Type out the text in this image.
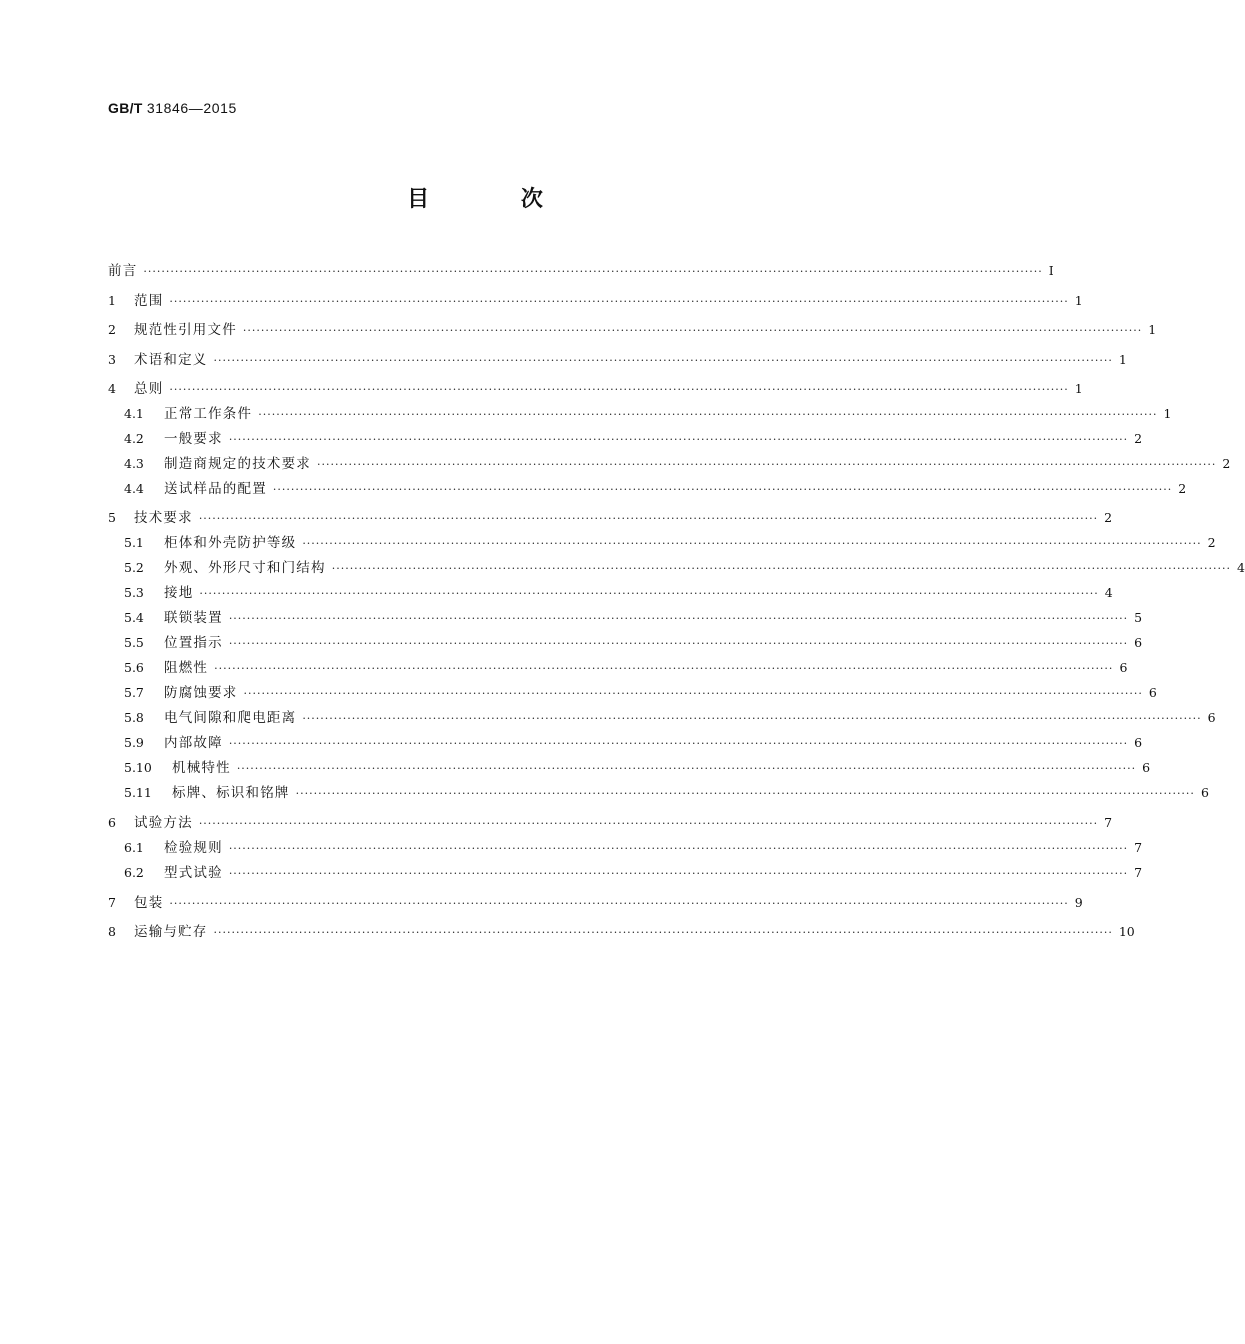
GB/T 31846—2015
目 次
前言 ········································································································································································································ Ⅰ
1	范围 ········································································································································································································ 1
2	规范性引用文件 ········································································································································································································ 1
3	术语和定义 ········································································································································································································ 1
4	总则 ········································································································································································································ 1
4.1	正常工作条件 ········································································································································································································ 1
4.2	一般要求 ········································································································································································································ 2
4.3	制造商规定的技术要求 ········································································································································································································ 2
4.4	送试样品的配置 ········································································································································································································ 2
5	技术要求 ········································································································································································································ 2
5.1	柜体和外壳防护等级 ········································································································································································································ 2
5.2	外观、外形尺寸和门结构 ········································································································································································································ 4
5.3	接地 ········································································································································································································ 4
5.4	联锁装置 ········································································································································································································ 5
5.5	位置指示 ········································································································································································································ 6
5.6	阻燃性 ········································································································································································································ 6
5.7	防腐蚀要求 ········································································································································································································ 6
5.8	电气间隙和爬电距离 ········································································································································································································ 6
5.9	内部故障 ········································································································································································································ 6
5.10	机械特性 ········································································································································································································ 6
5.11	标牌、标识和铭牌 ········································································································································································································ 6
6	试验方法 ········································································································································································································ 7
6.1	检验规则 ········································································································································································································ 7
6.2	型式试验 ········································································································································································································ 7
7	包装 ········································································································································································································ 9
8	运输与贮存 ········································································································································································································ 10
